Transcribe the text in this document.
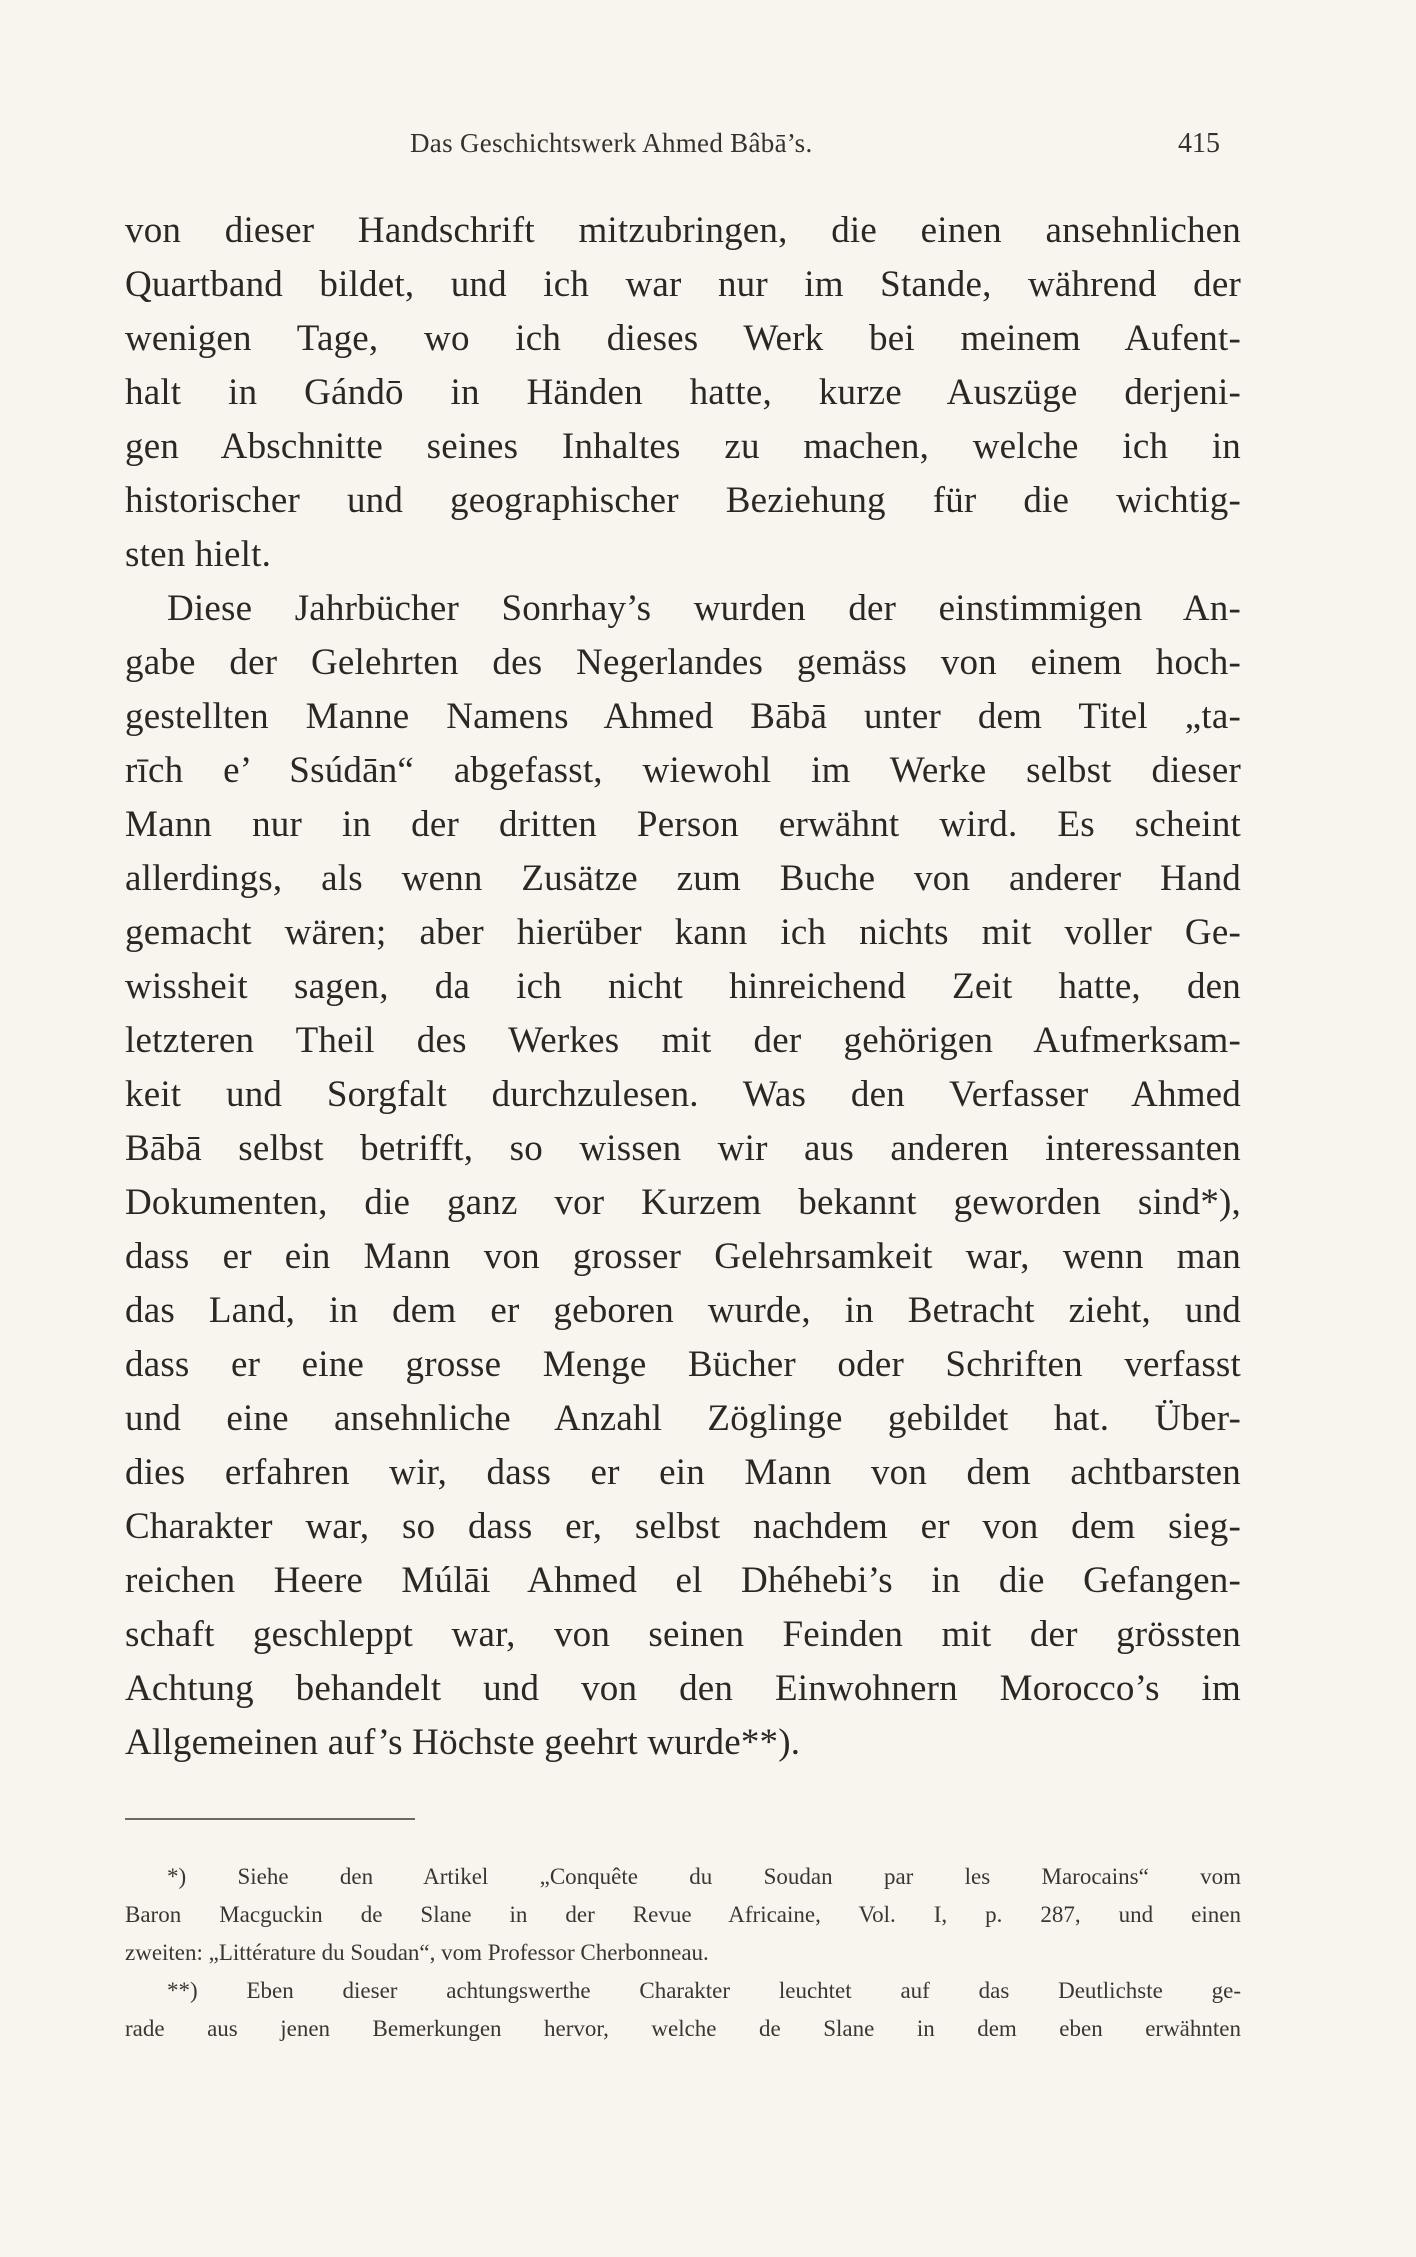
Das Geschichtswerk Ahmed Bâbā’s.	415
von dieser Handschrift mitzubringen, die einen ansehnlichen
Quartband bildet, und ich war nur im Stande, während der
wenigen Tage, wo ich dieses Werk bei meinem Aufent-
halt in Gándō in Händen hatte, kurze Auszüge derjeni-
gen Abschnitte seines Inhaltes zu machen, welche ich in
historischer und geographischer Beziehung für die wichtig-
sten hielt.
Diese Jahrbücher Sonrhay’s wurden der einstimmigen An-
gabe der Gelehrten des Negerlandes gemäss von einem hoch-
gestellten Manne Namens Ahmed Bābā unter dem Titel „ta-
rīch e’ Ssúdān“ abgefasst, wiewohl im Werke selbst dieser
Mann nur in der dritten Person erwähnt wird. Es scheint
allerdings, als wenn Zusätze zum Buche von anderer Hand
gemacht wären; aber hierüber kann ich nichts mit voller Ge-
wissheit sagen, da ich nicht hinreichend Zeit hatte, den
letzteren Theil des Werkes mit der gehörigen Aufmerksam-
keit und Sorgfalt durchzulesen. Was den Verfasser Ahmed
Bābā selbst betrifft, so wissen wir aus anderen interessanten
Dokumenten, die ganz vor Kurzem bekannt geworden sind*),
dass er ein Mann von grosser Gelehrsamkeit war, wenn man
das Land, in dem er geboren wurde, in Betracht zieht, und
dass er eine grosse Menge Bücher oder Schriften verfasst
und eine ansehnliche Anzahl Zöglinge gebildet hat. Über-
dies erfahren wir, dass er ein Mann von dem achtbarsten
Charakter war, so dass er, selbst nachdem er von dem sieg-
reichen Heere Múlāi Ahmed el Dhéhebi’s in die Gefangen-
schaft geschleppt war, von seinen Feinden mit der grössten
Achtung behandelt und von den Einwohnern Morocco’s im
Allgemeinen auf’s Höchste geehrt wurde**).
*) Siehe den Artikel „Conquête du Soudan par les Marocains“ vom
Baron Macguckin de Slane in der Revue Africaine, Vol. I, p. 287, und einen
zweiten: „Littérature du Soudan“, vom Professor Cherbonneau.
**) Eben dieser achtungswerthe Charakter leuchtet auf das Deutlichste ge-
rade aus jenen Bemerkungen hervor, welche de Slane in dem eben erwähnten
